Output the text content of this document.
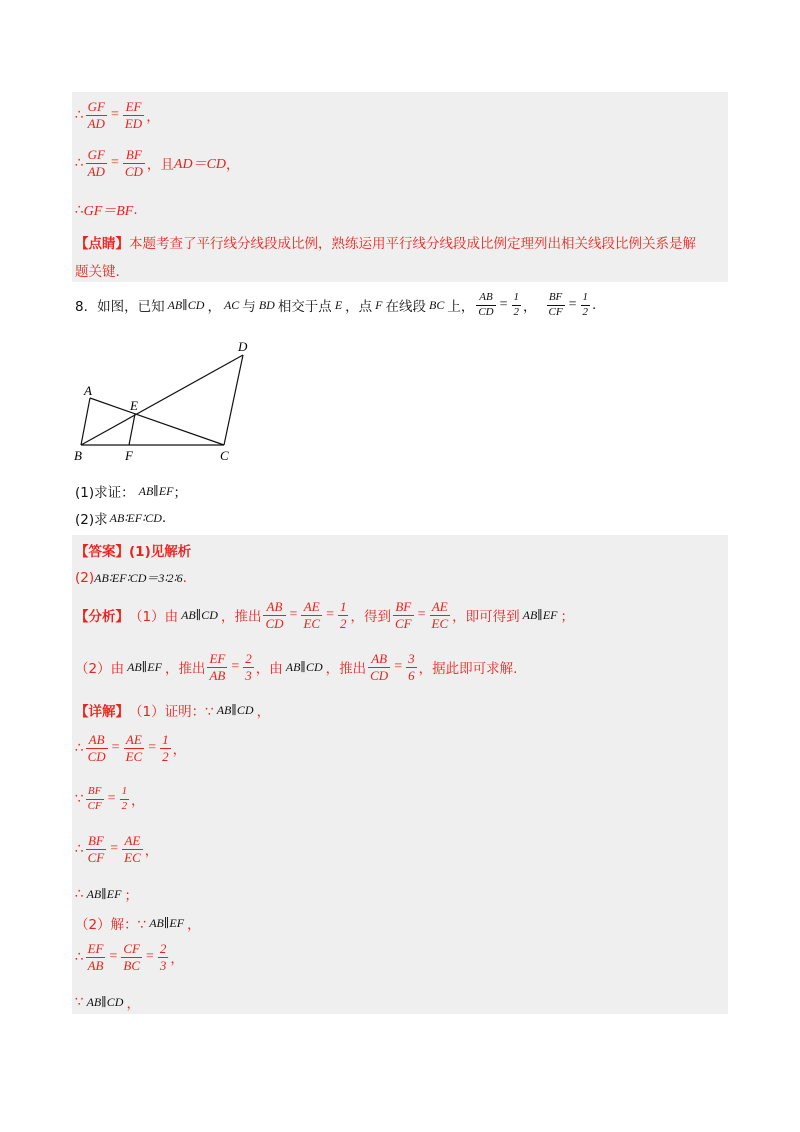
∴ $\frac{GF}{AD} = \frac{EF}{ED}$ ，
∴ $\frac{GF}{AD} = \frac{BF}{CD}$ ，且 AD＝CD ，
∴ GF＝BF .
【点睛】 本题考查了平行线分线段成比例，熟练运用平行线分线段成比例定理列出相关线段比例关系是解
题关键.
8．如图，已知 AB∥CD ， AC 与 BD 相交于点 E ，点 F 在线段 BC 上， $\frac{AB}{CD} = \frac{1}{2}$ ， $\frac{BF}{CF} = \frac{1}{2}$ .
D
A
E
B	F	C
(1)求证： AB∥EF ；
(2)求 AB∶EF∶CD .
【答案】 (1)见解析
(2) AB∶EF∶CD＝3∶2∶6 .
【分析】 （1）由 AB∥CD ，推出 $\frac{AB}{CD} = \frac{AE}{EC} = \frac{1}{2}$ ，得到 $\frac{BF}{CF} = \frac{AE}{EC}$ ，即可得到 AB∥EF ；
（2）由 AB∥EF ，推出 $\frac{EF}{AB} = \frac{2}{3}$ ，由 AB∥CD ，推出 $\frac{AB}{CD} = \frac{3}{6}$ ，据此即可求解.
【详解】 （1）证明：∵ AB∥CD ，
∴ $\frac{AB}{CD} = \frac{AE}{EC} = \frac{1}{2}$ ，
∵ $\frac{BF}{CF} = \frac{1}{2}$ ，
∴ $\frac{BF}{CF} = \frac{AE}{EC}$ ，
∴ AB∥EF ；
（2）解：∵ AB∥EF ，
∴ $\frac{EF}{AB} = \frac{CF}{BC} = \frac{2}{3}$ ，
∵ AB∥CD ，
